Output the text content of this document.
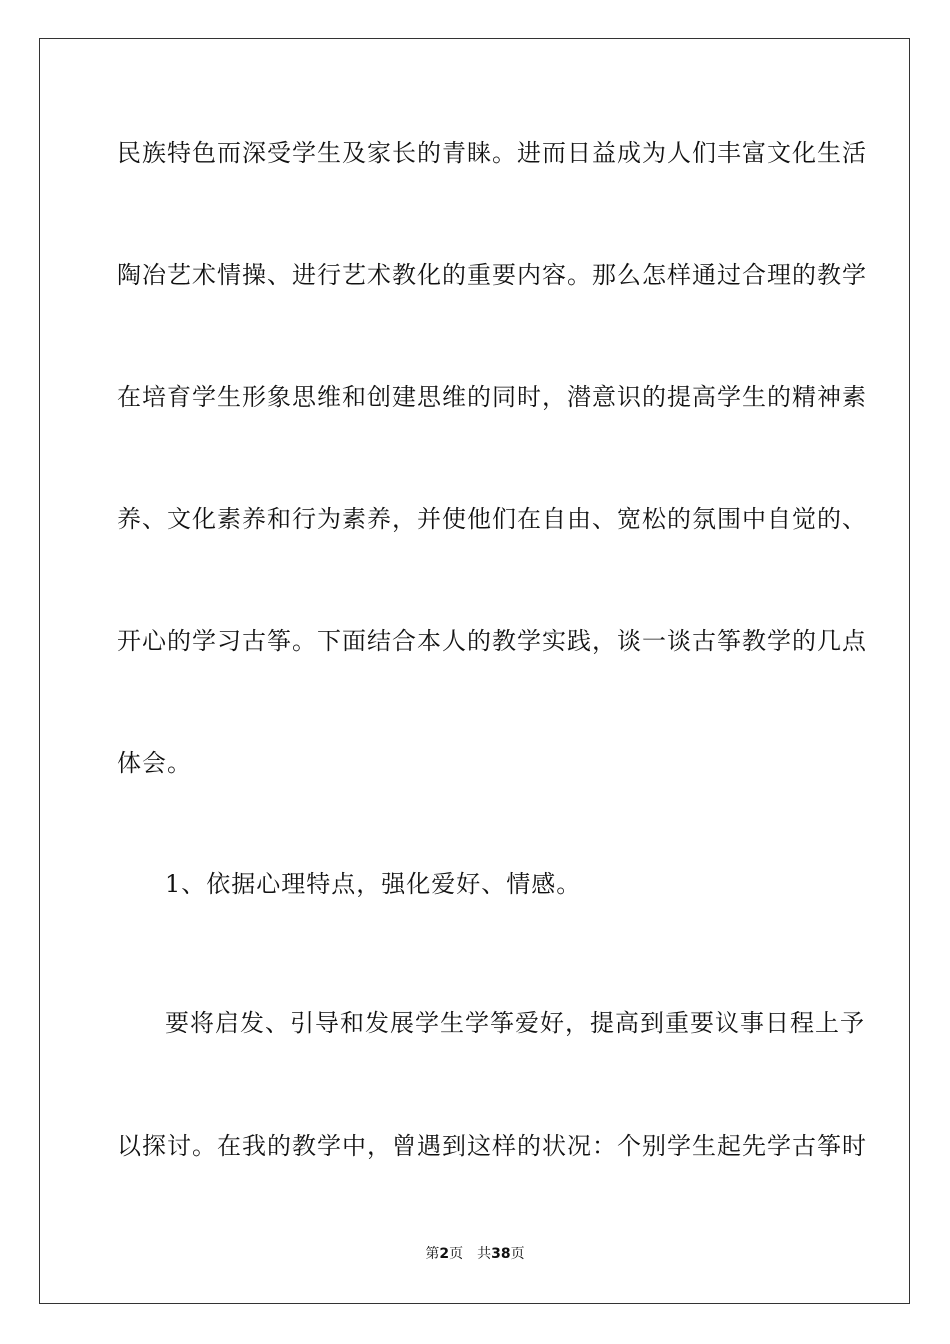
民族特色而深受学生及家长的青睐。进而日益成为人们丰富文化生活
陶冶艺术情操、进行艺术教化的重要内容。那么怎样通过合理的教学
在培育学生形象思维和创建思维的同时，潜意识的提高学生的精神素
养、文化素养和行为素养，并使他们在自由、宽松的氛围中自觉的、
开心的学习古筝。下面结合本人的教学实践，谈一谈古筝教学的几点
体会。
1、依据心理特点，强化爱好、情感。
要将启发、引导和发展学生学筝爱好，提高到重要议事日程上予
以探讨。在我的教学中，曾遇到这样的状况：个别学生起先学古筝时
第2页　共38页
